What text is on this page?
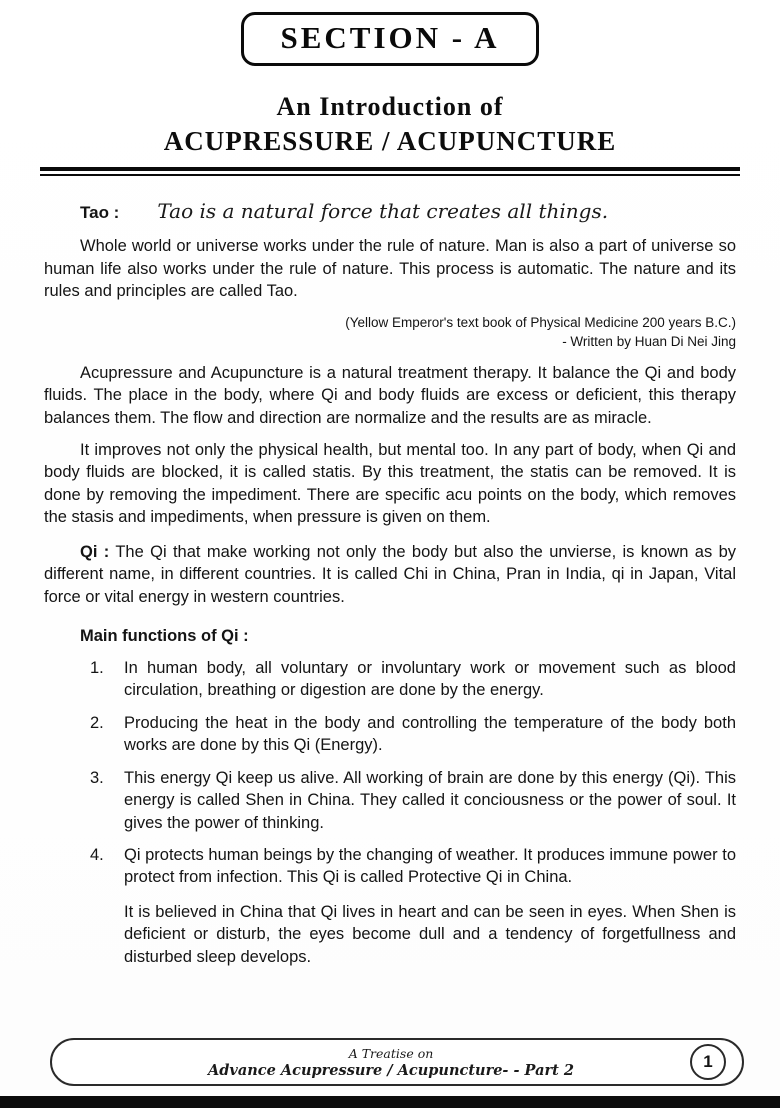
SECTION - A
An Introduction of
ACUPRESSURE / ACUPUNCTURE
Tao : Tao is a natural force that creates all things.

Whole world or universe works under the rule of nature. Man is also a part of universe so human life also works under the rule of nature. This process is automatic. The nature and its rules and principles are called Tao.

(Yellow Emperor's text book of Physical Medicine 200 years B.C.)
- Written by Huan Di Nei Jing

Acupressure and Acupuncture is a natural treatment therapy. It balance the Qi and body fluids. The place in the body, where Qi and body fluids are excess or deficient, this therapy balances them. The flow and direction are normalize and the results are as miracle.

It improves not only the physical health, but mental too. In any part of body, when Qi and body fluids are blocked, it is called statis. By this treatment, the statis can be removed. It is done by removing the impediment. There are specific acu points on the body, which removes the stasis and impediments, when pressure is given on them.

Qi : The Qi that make working not only the body but also the unvierse, is known as by different name, in different countries. It is called Chi in China, Pran in India, qi in Japan, Vital force or vital energy in western countries.

Main functions of Qi :
1.	In human body, all voluntary or involuntary work or movement such as blood circulation, breathing or digestion are done by the energy.
2.	Producing the heat in the body and controlling the temperature of the body both works are done by this Qi (Energy).
3.	This energy Qi keep us alive. All working of brain are done by this energy (Qi). This energy is called Shen in China. They called it conciousness or the power of soul. It gives the power of thinking.
4.	Qi protects human beings by the changing of weather. It produces immune power to protect from infection. This Qi is called Protective Qi in China.
It is believed in China that Qi lives in heart and can be seen in eyes. When Shen is deficient or disturb, the eyes become dull and a tendency of forgetfullness and disturbed sleep develops.
A Treatise on
Advance Acupressure / Acupuncture- - Part 2	1
